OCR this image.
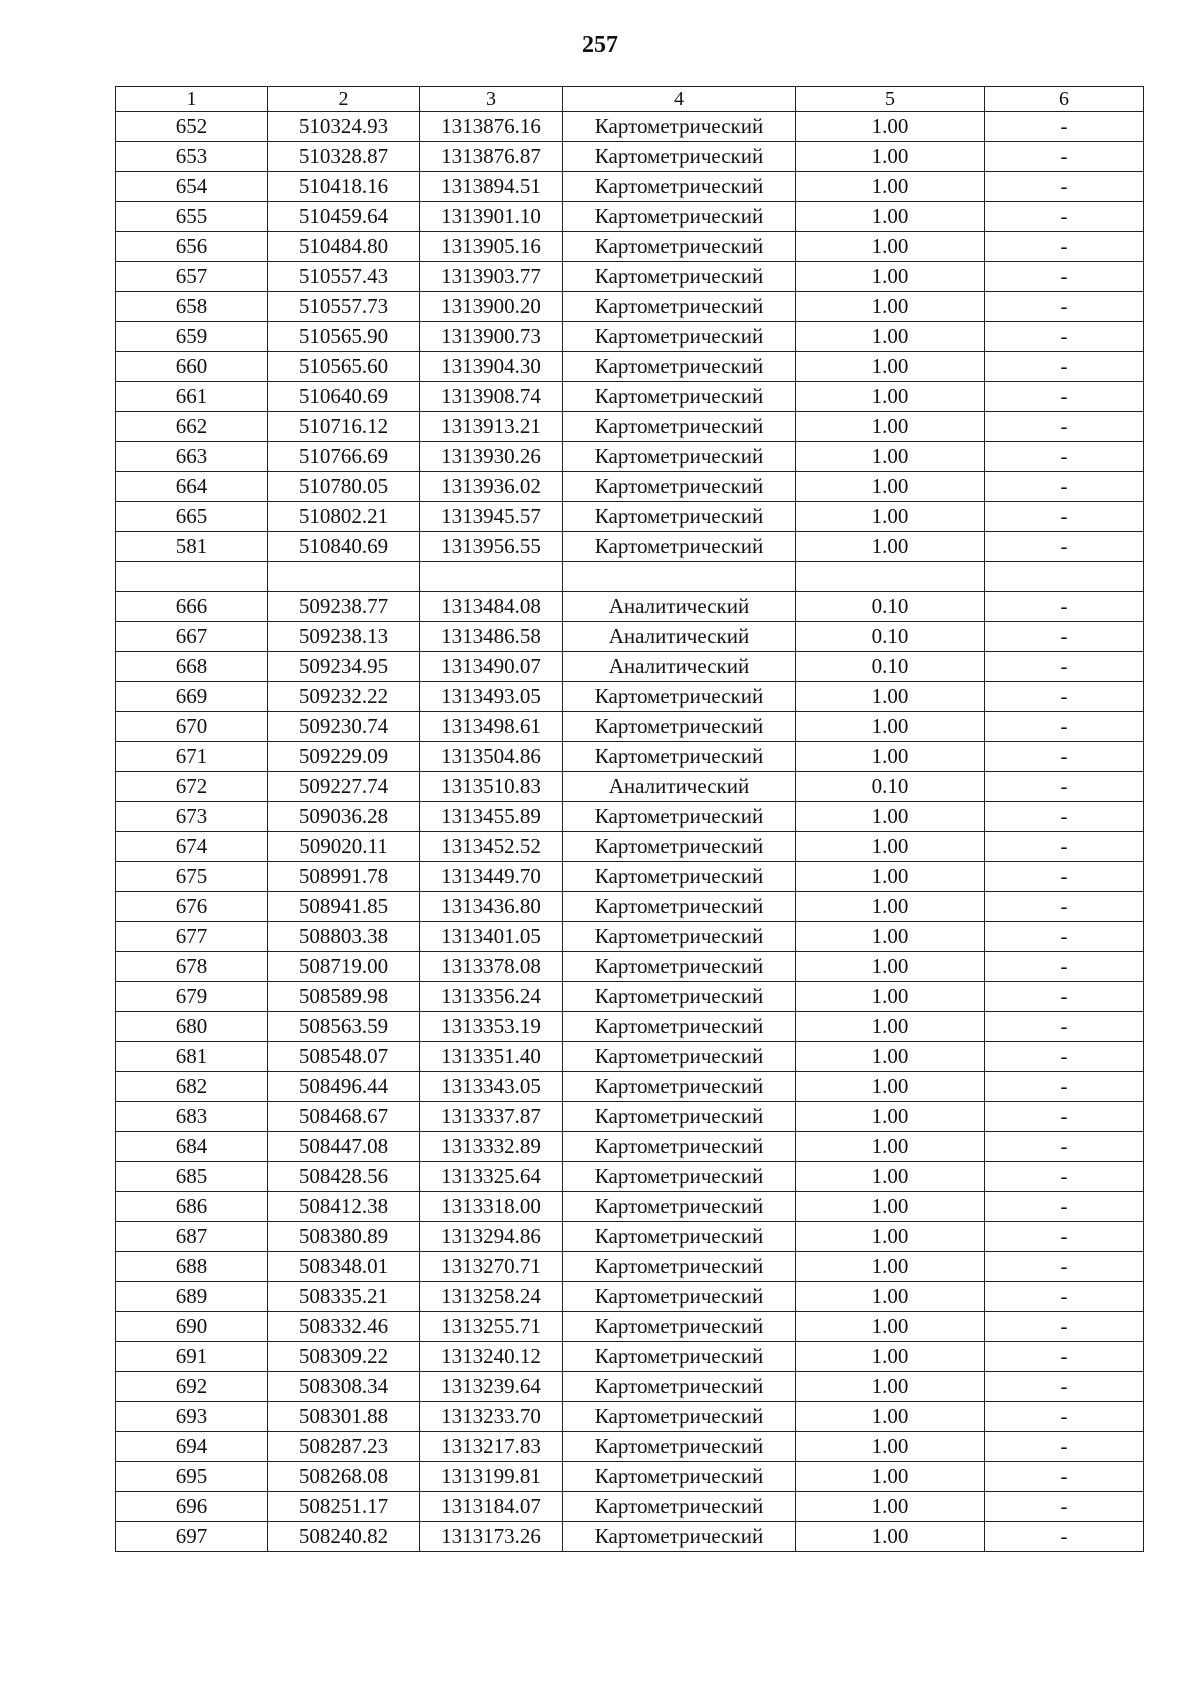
257
1	2	3	4	5	6
652	510324.93	1313876.16	Картометрический	1.00	-
653	510328.87	1313876.87	Картометрический	1.00	-
654	510418.16	1313894.51	Картометрический	1.00	-
655	510459.64	1313901.10	Картометрический	1.00	-
656	510484.80	1313905.16	Картометрический	1.00	-
657	510557.43	1313903.77	Картометрический	1.00	-
658	510557.73	1313900.20	Картометрический	1.00	-
659	510565.90	1313900.73	Картометрический	1.00	-
660	510565.60	1313904.30	Картометрический	1.00	-
661	510640.69	1313908.74	Картометрический	1.00	-
662	510716.12	1313913.21	Картометрический	1.00	-
663	510766.69	1313930.26	Картометрический	1.00	-
664	510780.05	1313936.02	Картометрический	1.00	-
665	510802.21	1313945.57	Картометрический	1.00	-
581	510840.69	1313956.55	Картометрический	1.00	-

666	509238.77	1313484.08	Аналитический	0.10	-
667	509238.13	1313486.58	Аналитический	0.10	-
668	509234.95	1313490.07	Аналитический	0.10	-
669	509232.22	1313493.05	Картометрический	1.00	-
670	509230.74	1313498.61	Картометрический	1.00	-
671	509229.09	1313504.86	Картометрический	1.00	-
672	509227.74	1313510.83	Аналитический	0.10	-
673	509036.28	1313455.89	Картометрический	1.00	-
674	509020.11	1313452.52	Картометрический	1.00	-
675	508991.78	1313449.70	Картометрический	1.00	-
676	508941.85	1313436.80	Картометрический	1.00	-
677	508803.38	1313401.05	Картометрический	1.00	-
678	508719.00	1313378.08	Картометрический	1.00	-
679	508589.98	1313356.24	Картометрический	1.00	-
680	508563.59	1313353.19	Картометрический	1.00	-
681	508548.07	1313351.40	Картометрический	1.00	-
682	508496.44	1313343.05	Картометрический	1.00	-
683	508468.67	1313337.87	Картометрический	1.00	-
684	508447.08	1313332.89	Картометрический	1.00	-
685	508428.56	1313325.64	Картометрический	1.00	-
686	508412.38	1313318.00	Картометрический	1.00	-
687	508380.89	1313294.86	Картометрический	1.00	-
688	508348.01	1313270.71	Картометрический	1.00	-
689	508335.21	1313258.24	Картометрический	1.00	-
690	508332.46	1313255.71	Картометрический	1.00	-
691	508309.22	1313240.12	Картометрический	1.00	-
692	508308.34	1313239.64	Картометрический	1.00	-
693	508301.88	1313233.70	Картометрический	1.00	-
694	508287.23	1313217.83	Картометрический	1.00	-
695	508268.08	1313199.81	Картометрический	1.00	-
696	508251.17	1313184.07	Картометрический	1.00	-
697	508240.82	1313173.26	Картометрический	1.00	-
